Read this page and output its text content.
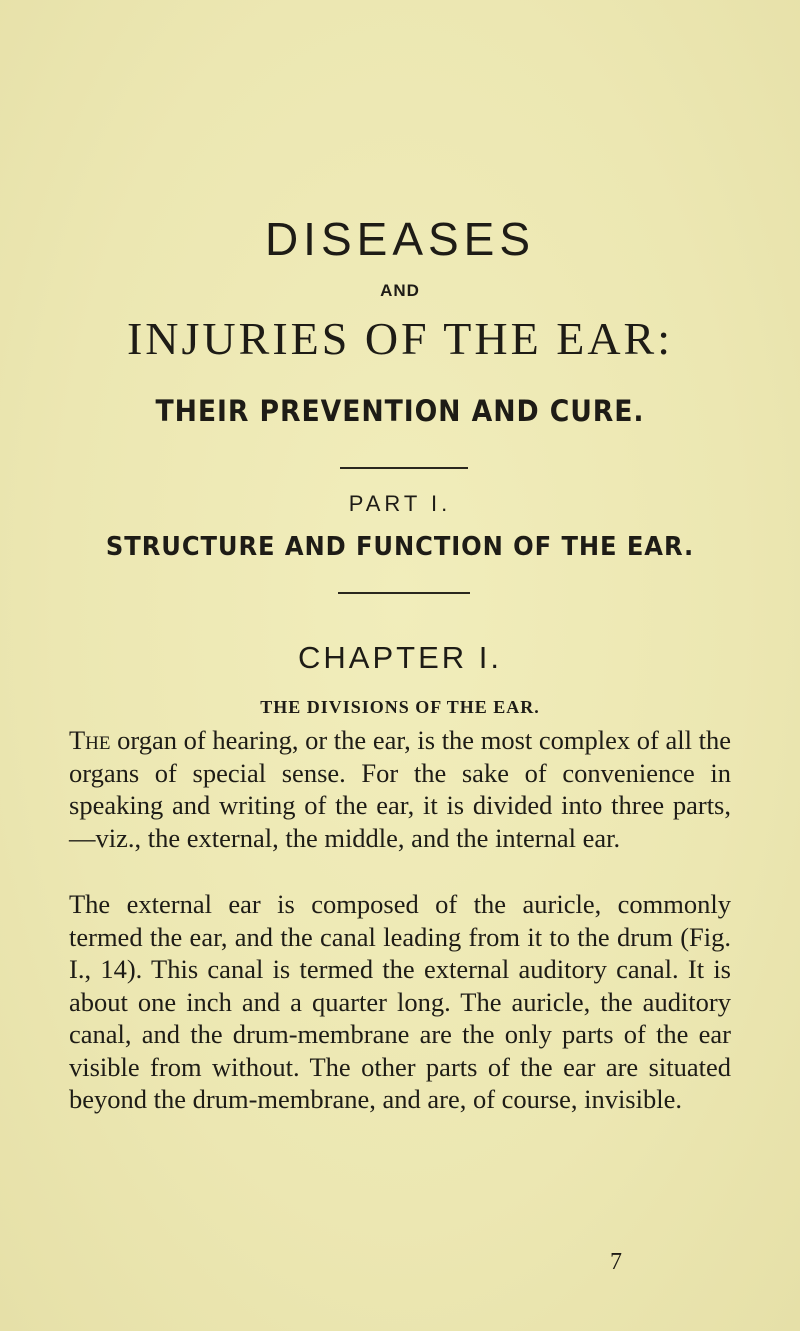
DISEASES
AND
INJURIES OF THE EAR:
THEIR PREVENTION AND CURE.
PART I.
STRUCTURE AND FUNCTION OF THE EAR.
CHAPTER I.
THE DIVISIONS OF THE EAR.

The organ of hearing, or the ear, is the most complex of all the organs of special sense. For the sake of convenience in speaking and writing of the ear, it is divided into three parts,—viz., the external, the middle, and the internal ear.

The external ear is composed of the auricle, commonly termed the ear, and the canal leading from it to the drum (Fig. I., 14). This canal is termed the external auditory canal. It is about one inch and a quarter long. The auricle, the auditory canal, and the drum-membrane are the only parts of the ear visible from without. The other parts of the ear are situated beyond the drum-membrane, and are, of course, invisible.

7
